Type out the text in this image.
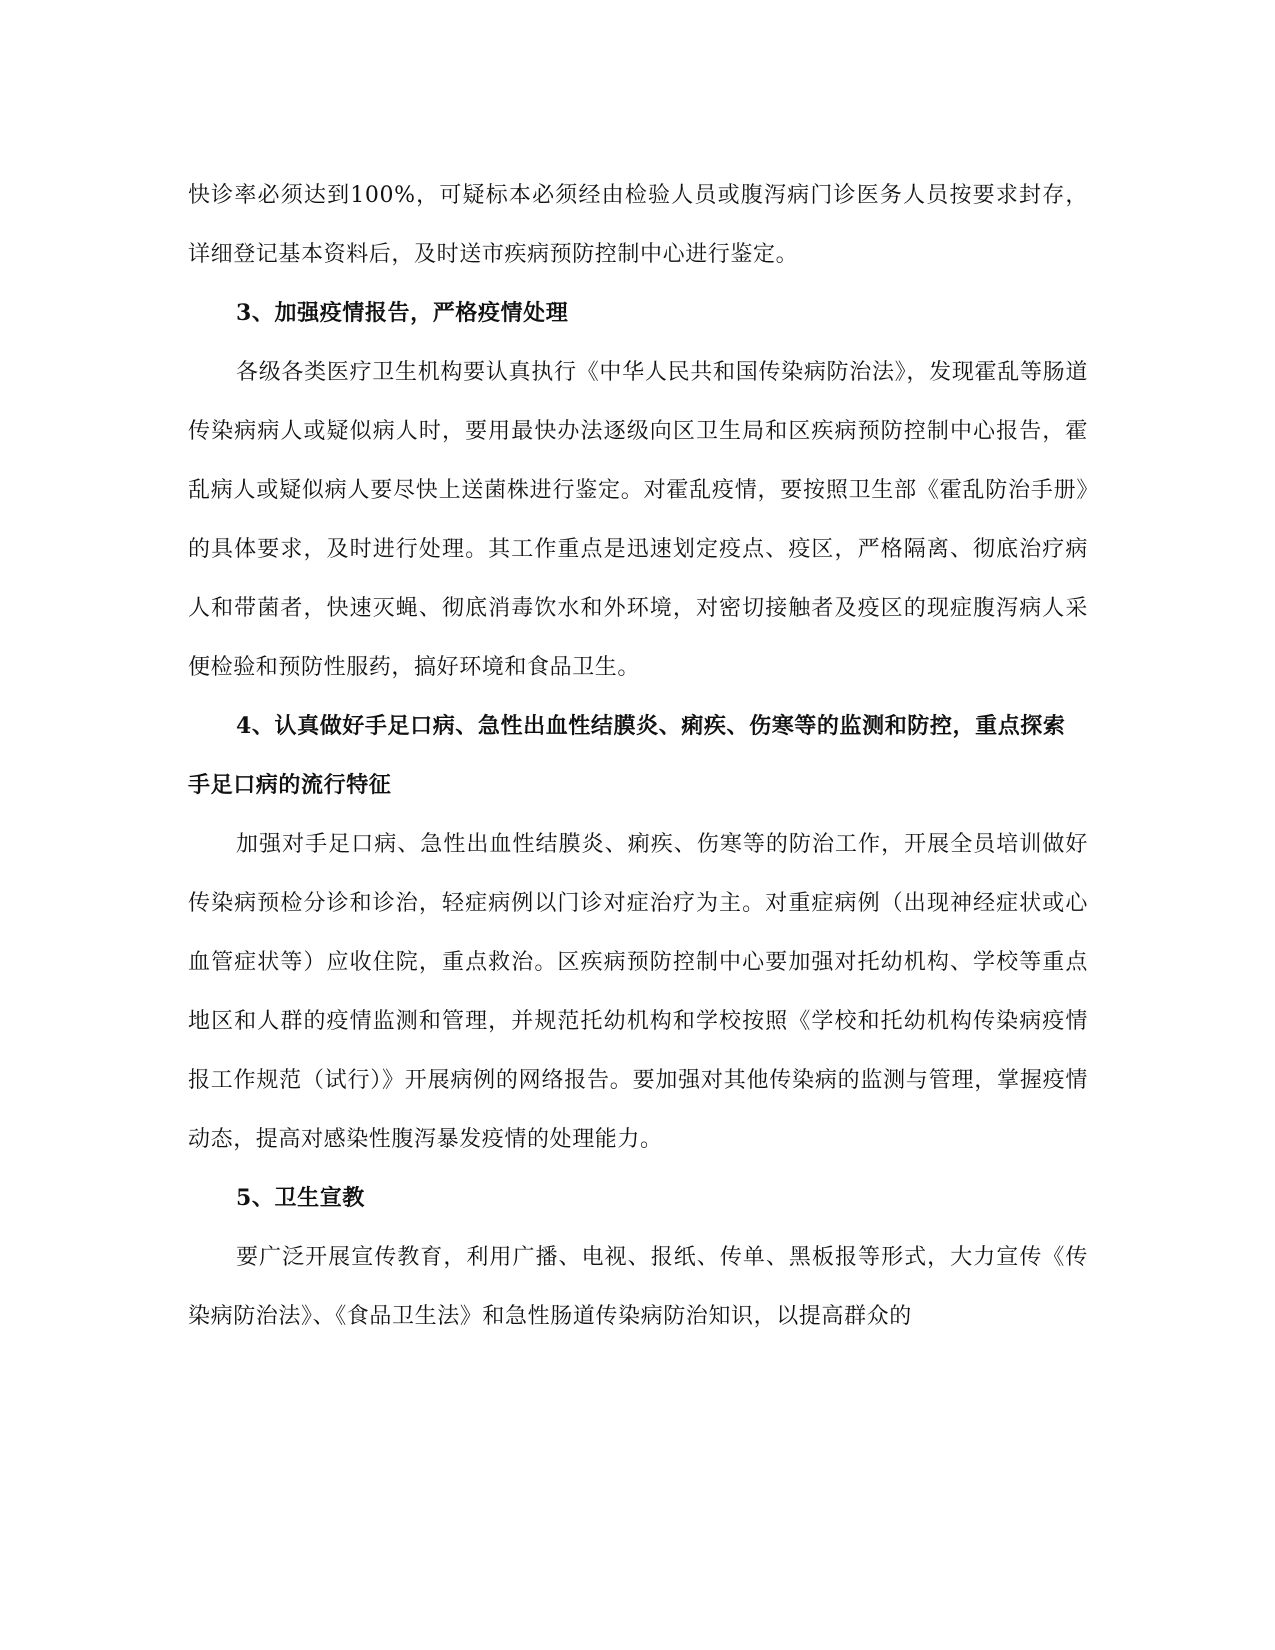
快诊率必须达到100%，可疑标本必须经由检验人员或腹泻病门诊医务人员按要求封存，详细登记基本资料后，及时送市疾病预防控制中心进行鉴定。

3、加强疫情报告，严格疫情处理

各级各类医疗卫生机构要认真执行《中华人民共和国传染病防治法》，发现霍乱等肠道传染病病人或疑似病人时，要用最快办法逐级向区卫生局和区疾病预防控制中心报告，霍乱病人或疑似病人要尽快上送菌株进行鉴定。对霍乱疫情，要按照卫生部《霍乱防治手册》的具体要求，及时进行处理。其工作重点是迅速划定疫点、疫区，严格隔离、彻底治疗病人和带菌者，快速灭蝇、彻底消毒饮水和外环境，对密切接触者及疫区的现症腹泻病人采便检验和预防性服药，搞好环境和食品卫生。

4、认真做好手足口病、急性出血性结膜炎、痢疾、伤寒等的监测和防控，重点探索手足口病的流行特征

加强对手足口病、急性出血性结膜炎、痢疾、伤寒等的防治工作，开展全员培训做好传染病预检分诊和诊治，轻症病例以门诊对症治疗为主。对重症病例（出现神经症状或心血管症状等）应收住院，重点救治。区疾病预防控制中心要加强对托幼机构、学校等重点地区和人群的疫情监测和管理，并规范托幼机构和学校按照《学校和托幼机构传染病疫情报工作规范（试行）》开展病例的网络报告。要加强对其他传染病的监测与管理，掌握疫情动态，提高对感染性腹泻暴发疫情的处理能力。

5、卫生宣教

要广泛开展宣传教育，利用广播、电视、报纸、传单、黑板报等形式，大力宣传《传染病防治法》、《食品卫生法》和急性肠道传染病防治知识，以提高群众的
